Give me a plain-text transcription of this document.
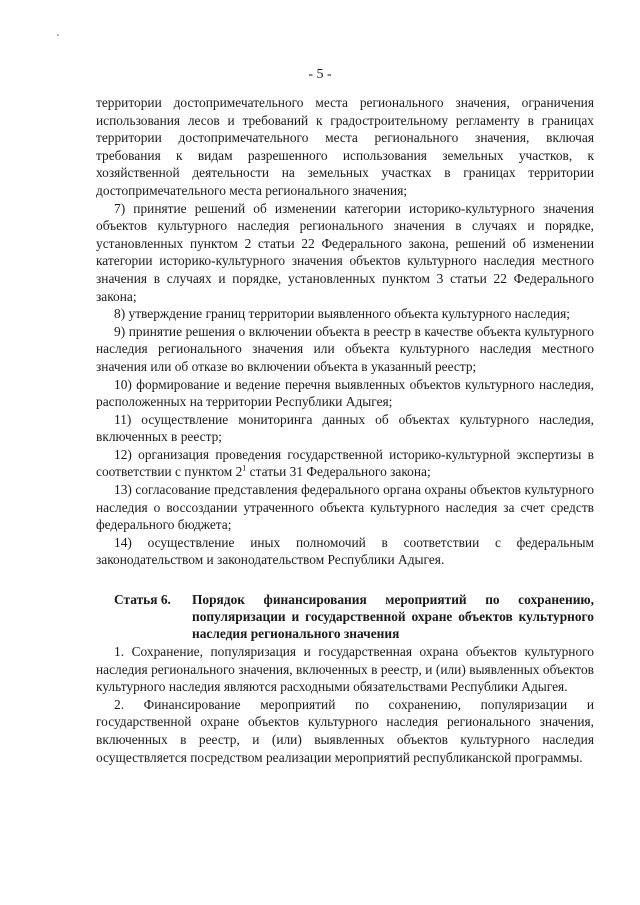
- 5 -

территории достопримечательного места регионального значения, ограничения использования лесов и требований к градостроительному регламенту в границах территории достопримечательного места регионального значения, включая требования к видам разрешенного использования земельных участков, к хозяйственной деятельности на земельных участках в границах территории достопримечательного места регионального значения;

7) принятие решений об изменении категории историко-культурного значения объектов культурного наследия регионального значения в случаях и порядке, установленных пунктом 2 статьи 22 Федерального закона, решений об изменении категории историко-культурного значения объектов культурного наследия местного значения в случаях и порядке, установленных пунктом 3 статьи 22 Федерального закона;

8) утверждение границ территории выявленного объекта культурного наследия;

9) принятие решения о включении объекта в реестр в качестве объекта культурного наследия регионального значения или объекта культурного наследия местного значения или об отказе во включении объекта в указанный реестр;

10) формирование и ведение перечня выявленных объектов культурного наследия, расположенных на территории Республики Адыгея;

11) осуществление мониторинга данных об объектах культурного наследия, включенных в реестр;

12) организация проведения государственной историко-культурной экспертизы в соответствии с пунктом $2^1$ статьи 31 Федерального закона;

13) согласование представления федерального органа охраны объектов культурного наследия о воссоздании утраченного объекта культурного наследия за счет средств федерального бюджета;

14) осуществление иных полномочий в соответствии с федеральным законодательством и законодательством Республики Адыгея.

Статья 6.	Порядок финансирования мероприятий по сохранению, популяризации и государственной охране объектов культурного наследия регионального значения

1. Сохранение, популяризация и государственная охрана объектов культурного наследия регионального значения, включенных в реестр, и (или) выявленных объектов культурного наследия являются расходными обязательствами Республики Адыгея.

2. Финансирование мероприятий по сохранению, популяризации и государственной охране объектов культурного наследия регионального значения, включенных в реестр, и (или) выявленных объектов культурного наследия осуществляется посредством реализации мероприятий республиканской программы.
